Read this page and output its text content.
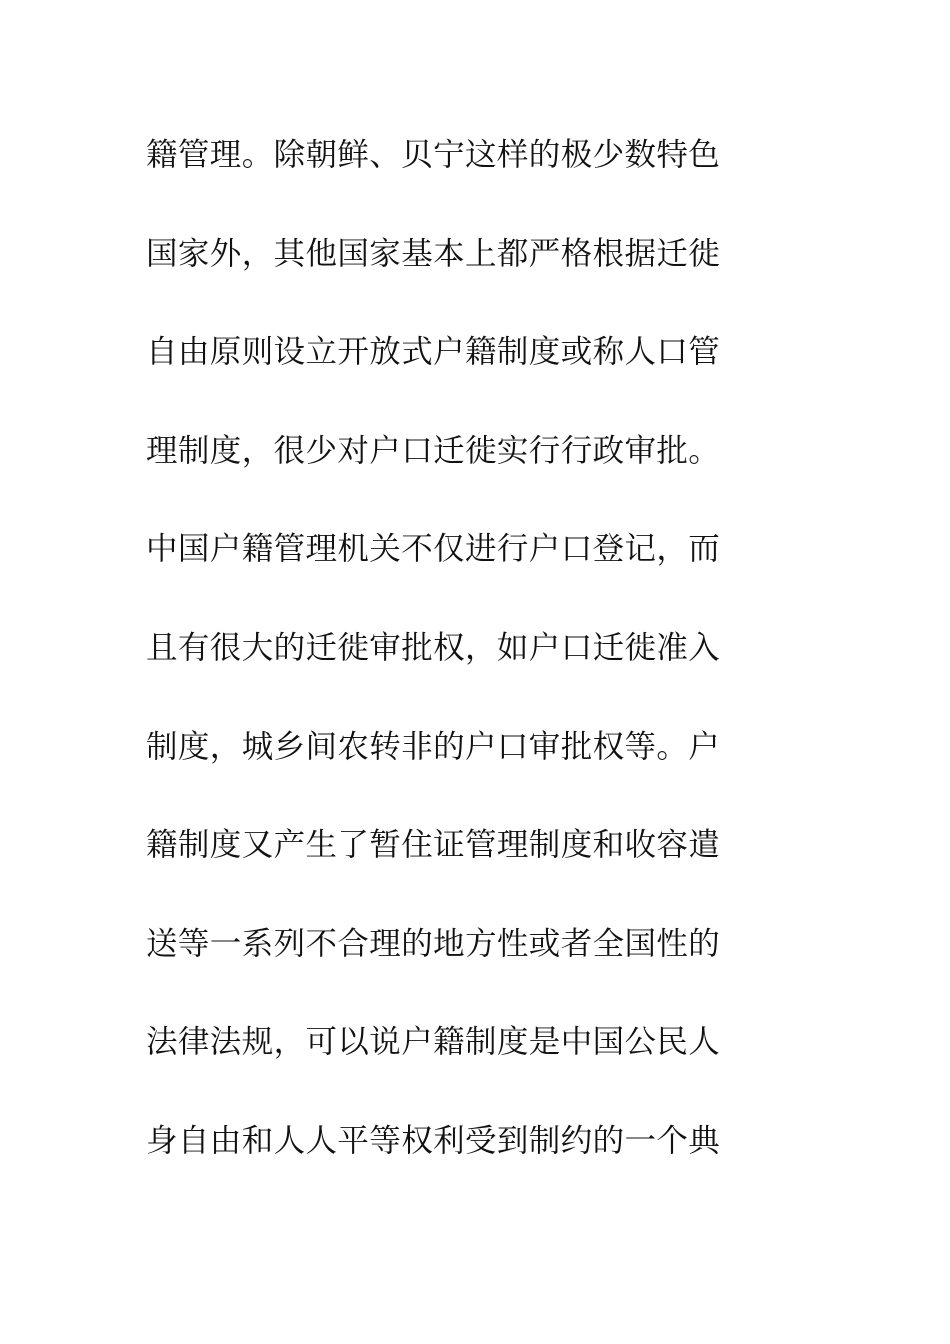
籍管理。除朝鲜、贝宁这样的极少数特色
国家外，其他国家基本上都严格根据迁徙
自由原则设立开放式户籍制度或称人口管
理制度，很少对户口迁徙实行行政审批。
中国户籍管理机关不仅进行户口登记，而
且有很大的迁徙审批权，如户口迁徙准入
制度，城乡间农转非的户口审批权等。户
籍制度又产生了暂住证管理制度和收容遣
送等一系列不合理的地方性或者全国性的
法律法规，可以说户籍制度是中国公民人
身自由和人人平等权利受到制约的一个典
